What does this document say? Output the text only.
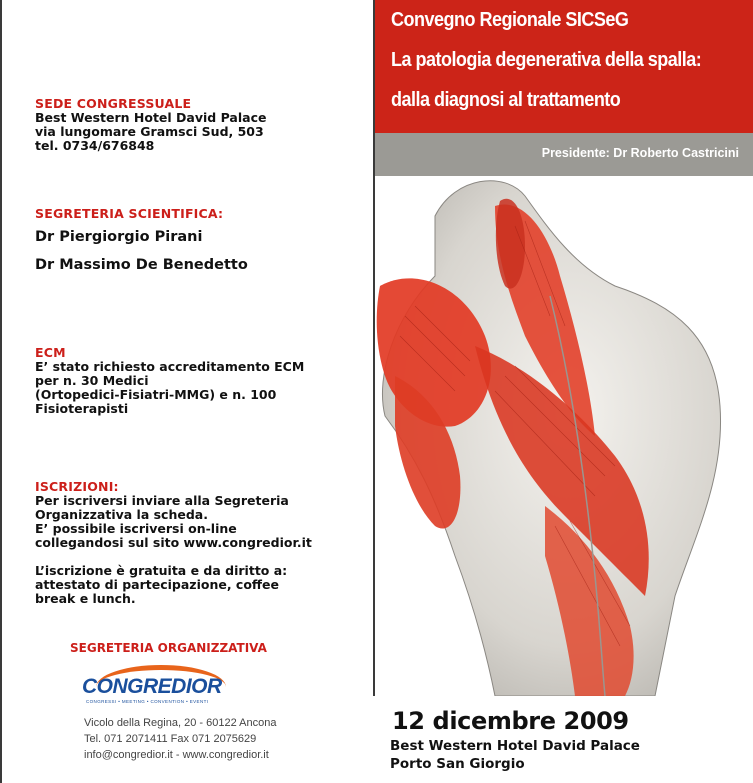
SEDE CONGRESSUALE
Best Western Hotel David Palace
via lungomare Gramsci Sud, 503
tel. 0734/676848
SEGRETERIA SCIENTIFICA:
Dr Piergiorgio Pirani
Dr Massimo De Benedetto
ECM
E’ stato richiesto accreditamento ECM
per n. 30 Medici
(Ortopedici-Fisiatri-MMG) e n. 100
Fisioterapisti
ISCRIZIONI:
Per iscriversi inviare alla Segreteria
Organizzativa la scheda.
E’ possibile iscriversi on-line
collegandosi sul sito www.congredior.it
L’iscrizione è gratuita e da diritto a:
attestato di partecipazione, coffee
break e lunch.
SEGRETERIA ORGANIZZATIVA
CONGREDIOR
CONGRESSI • MEETING • CONVENTION • EVENTI
Vicolo della Regina, 20 - 60122 Ancona
Tel. 071 2071411 Fax 071 2075629
info@congredior.it - www.congredior.it
Convegno Regionale SICSeG
La patologia degenerativa della spalla:
dalla diagnosi al trattamento
Presidente: Dr Roberto Castricini
12 dicembre 2009
Best Western Hotel David Palace
Porto San Giorgio
